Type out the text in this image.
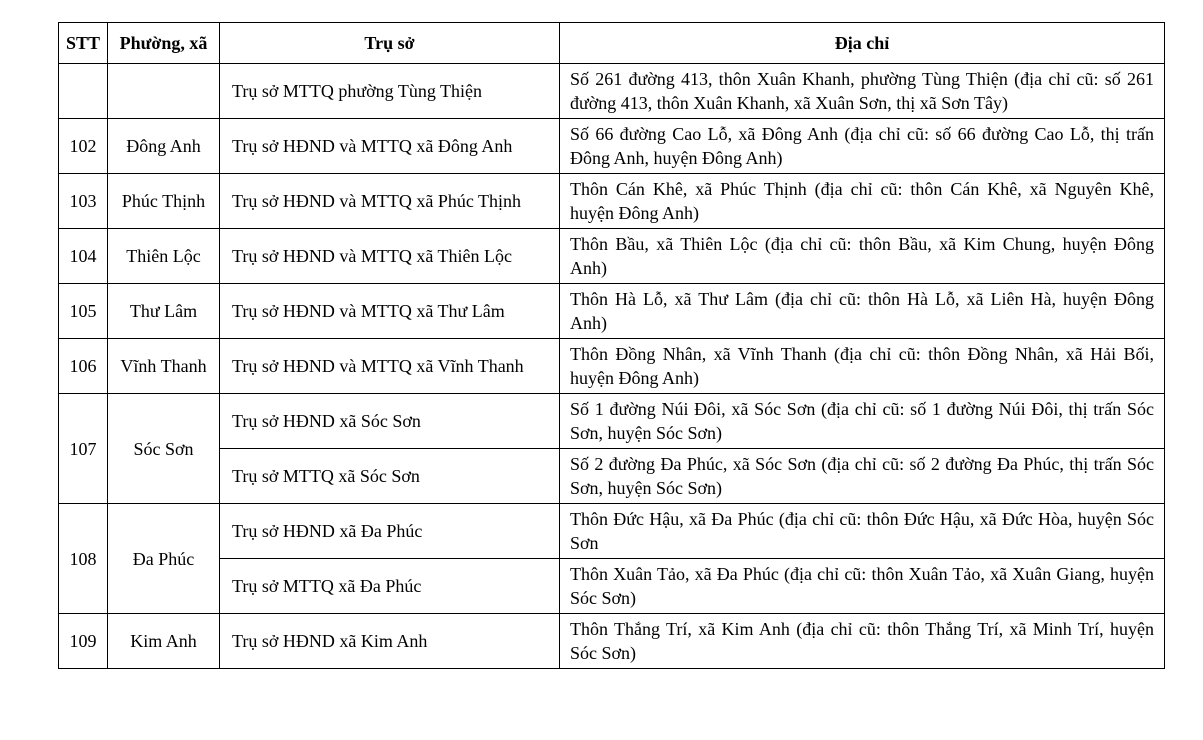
STT	Phường, xã	Trụ sở	Địa chỉ
		Trụ sở MTTQ phường Tùng Thiện	Số 261 đường 413, thôn Xuân Khanh, phường Tùng Thiện (địa chỉ cũ: số 261 đường 413, thôn Xuân Khanh, xã Xuân Sơn, thị xã Sơn Tây)
102	Đông Anh	Trụ sở HĐND và MTTQ xã Đông Anh	Số 66 đường Cao Lỗ, xã Đông Anh (địa chỉ cũ: số 66 đường Cao Lỗ, thị trấn Đông Anh, huyện Đông Anh)
103	Phúc Thịnh	Trụ sở HĐND và MTTQ xã Phúc Thịnh	Thôn Cán Khê, xã Phúc Thịnh (địa chỉ cũ: thôn Cán Khê, xã Nguyên Khê, huyện Đông Anh)
104	Thiên Lộc	Trụ sở HĐND và MTTQ xã Thiên Lộc	Thôn Bầu, xã Thiên Lộc (địa chỉ cũ: thôn Bầu, xã Kim Chung, huyện Đông Anh)
105	Thư Lâm	Trụ sở HĐND và MTTQ xã Thư Lâm	Thôn Hà Lỗ, xã Thư Lâm (địa chỉ cũ: thôn Hà Lỗ, xã Liên Hà, huyện Đông Anh)
106	Vĩnh Thanh	Trụ sở HĐND và MTTQ xã Vĩnh Thanh	Thôn Đồng Nhân, xã Vĩnh Thanh (địa chỉ cũ: thôn Đồng Nhân, xã Hải Bối, huyện Đông Anh)
107	Sóc Sơn	Trụ sở HĐND xã Sóc Sơn	Số 1 đường Núi Đôi, xã Sóc Sơn (địa chỉ cũ: số 1 đường Núi Đôi, thị trấn Sóc Sơn, huyện Sóc Sơn)
		Trụ sở MTTQ xã Sóc Sơn	Số 2 đường Đa Phúc, xã Sóc Sơn (địa chỉ cũ: số 2 đường Đa Phúc, thị trấn Sóc Sơn, huyện Sóc Sơn)
108	Đa Phúc	Trụ sở HĐND xã Đa Phúc	Thôn Đức Hậu, xã Đa Phúc (địa chỉ cũ: thôn Đức Hậu, xã Đức Hòa, huyện Sóc Sơn
		Trụ sở MTTQ xã Đa Phúc	Thôn Xuân Tảo, xã Đa Phúc (địa chỉ cũ: thôn Xuân Tảo, xã Xuân Giang, huyện Sóc Sơn)
109	Kim Anh	Trụ sở HĐND xã Kim Anh	Thôn Thắng Trí, xã Kim Anh (địa chỉ cũ: thôn Thắng Trí, xã Minh Trí, huyện Sóc Sơn)
